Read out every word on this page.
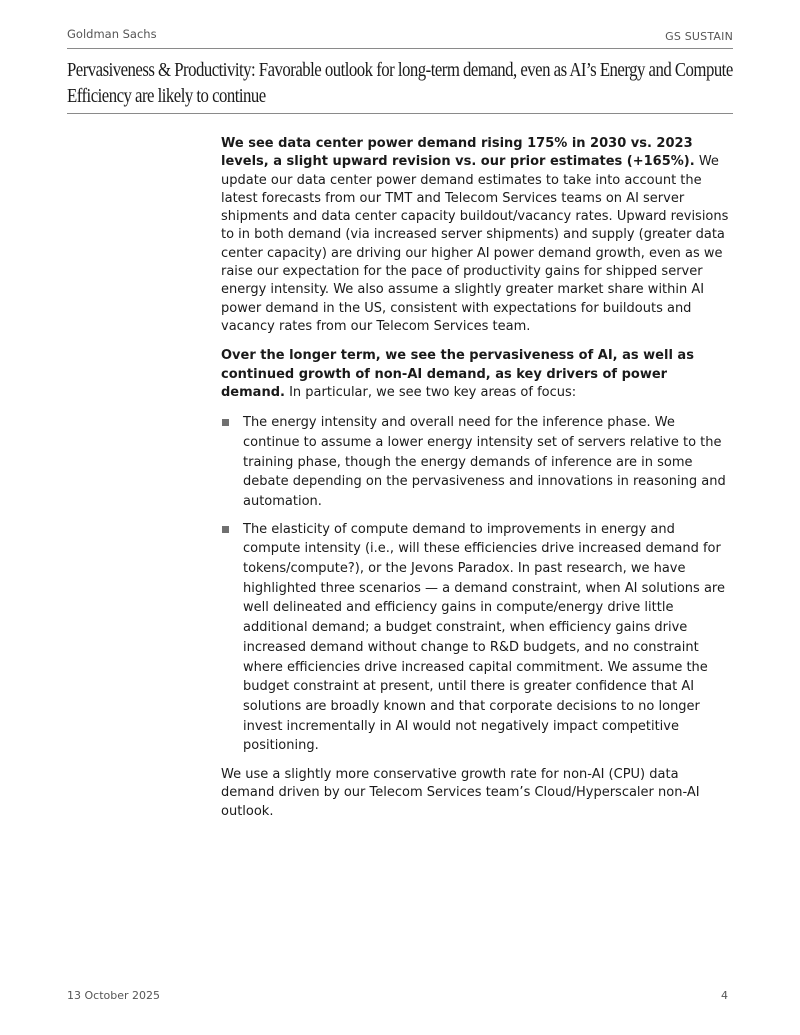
Goldman Sachs	GS SUSTAIN
Pervasiveness & Productivity: Favorable outlook for long-term demand, even as AI’s Energy and Compute Efficiency are likely to continue

We see data center power demand rising 175% in 2030 vs. 2023 levels, a slight upward revision vs. our prior estimates (+165%). We update our data center power demand estimates to take into account the latest forecasts from our TMT and Telecom Services teams on AI server shipments and data center capacity buildout/vacancy rates. Upward revisions to in both demand (via increased server shipments) and supply (greater data center capacity) are driving our higher AI power demand growth, even as we raise our expectation for the pace of productivity gains for shipped server energy intensity. We also assume a slightly greater market share within AI power demand in the US, consistent with expectations for buildouts and vacancy rates from our Telecom Services team.

Over the longer term, we see the pervasiveness of AI, as well as continued growth of non-AI demand, as key drivers of power demand. In particular, we see two key areas of focus:

The energy intensity and overall need for the inference phase. We continue to assume a lower energy intensity set of servers relative to the training phase, though the energy demands of inference are in some debate depending on the pervasiveness and innovations in reasoning and automation.
The elasticity of compute demand to improvements in energy and compute intensity (i.e., will these efficiencies drive increased demand for tokens/compute?), or the Jevons Paradox. In past research, we have highlighted three scenarios — a demand constraint, when AI solutions are well delineated and efficiency gains in compute/energy drive little additional demand; a budget constraint, when efficiency gains drive increased demand without change to R&D budgets, and no constraint where efficiencies drive increased capital commitment. We assume the budget constraint at present, until there is greater confidence that AI solutions are broadly known and that corporate decisions to no longer invest incrementally in AI would not negatively impact competitive positioning.

We use a slightly more conservative growth rate for non-AI (CPU) data demand driven by our Telecom Services team’s Cloud/Hyperscaler non-AI outlook.

13 October 2025	4
